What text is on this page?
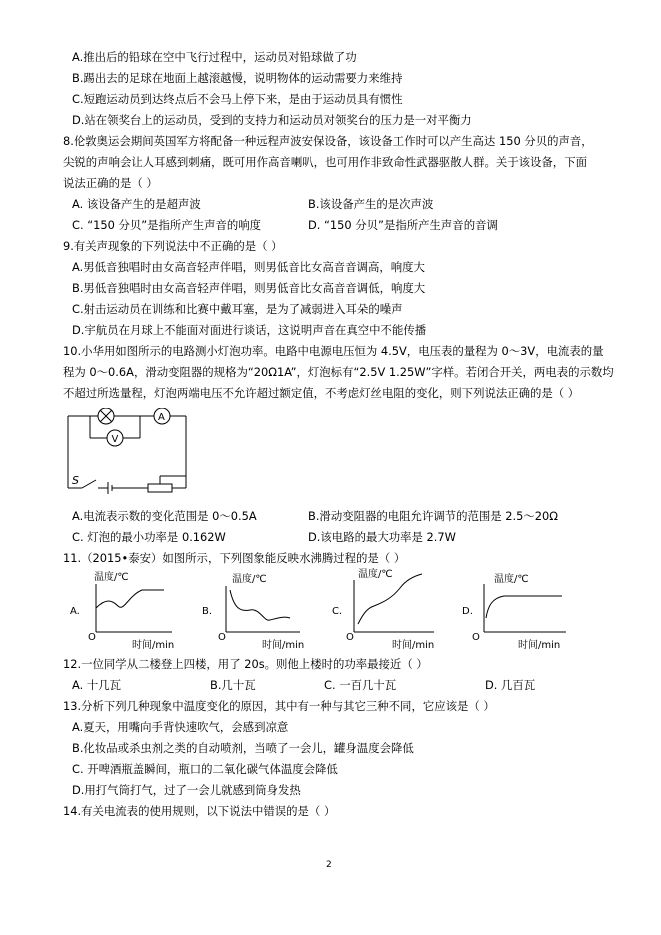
A.推出后的铅球在空中飞行过程中，运动员对铅球做了功
B.踢出去的足球在地面上越滚越慢，说明物体的运动需要力来维持
C.短跑运动员到达终点后不会马上停下来，是由于运动员具有惯性
D.站在领奖台上的运动员，受到的支持力和运动员对领奖台的压力是一对平衡力
8.伦敦奥运会期间英国军方将配备一种远程声波安保设备，该设备工作时可以产生高达 150 分贝的声音，
尖锐的声响会让人耳感到刺痛，既可用作高音喇叭，也可用作非致命性武器驱散人群。关于该设备，下面
说法正确的是（ ）
A. 该设备产生的是超声波	B.该设备产生的是次声波
C. “150 分贝”是指所产生声音的响度	D. “150 分贝”是指所产生声音的音调
9.有关声现象的下列说法中不正确的是（ ）
A.男低音独唱时由女高音轻声伴唱，则男低音比女高音音调高，响度大
B.男低音独唱时由女高音轻声伴唱，则男低音比女高音音调低，响度大
C.射击运动员在训练和比赛中戴耳塞，是为了减弱进入耳朵的噪声
D.宇航员在月球上不能面对面进行谈话，这说明声音在真空中不能传播
10.小华用如图所示的电路测小灯泡功率。电路中电源电压恒为 4.5V，电压表的量程为 0～3V，电流表的量
程为 0～0.6A，滑动变阻器的规格为“20Ω1A”，灯泡标有“2.5V 1.25W”字样。若闭合开关，两电表的示数均
不超过所选量程，灯泡两端电压不允许超过额定值，不考虑灯丝电阻的变化，则下列说法正确的是（ ）
V
A
S
A.电流表示数的变化范围是 0～0.5A	B.滑动变阻器的电阻允许调节的范围是 2.5～20Ω
C. 灯泡的最小功率是 0.162W	D.该电路的最大功率是 2.7W
11.（2015•泰安）如图所示，下列图象能反映水沸腾过程的是（ ）
A.
温度/℃
O
时间/min
B.
温度/℃
O
时间/min
C.
温度/℃
O
时间/min
D.
温度/℃
O
时间/min
12.一位同学从二楼登上四楼，用了 20s。则他上楼时的功率最接近（ ）
A. 十几瓦	B.几十瓦	C. 一百几十瓦	D. 几百瓦
13.分析下列几种现象中温度变化的原因，其中有一种与其它三种不同，它应该是（ ）
A.夏天，用嘴向手背快速吹气，会感到凉意
B.化妆品或杀虫剂之类的自动喷剂，当喷了一会儿，罐身温度会降低
C. 开啤酒瓶盖瞬间，瓶口的二氧化碳气体温度会降低
D.用打气筒打气，过了一会儿就感到筒身发热
14.有关电流表的使用规则，以下说法中错误的是（ ）
2
